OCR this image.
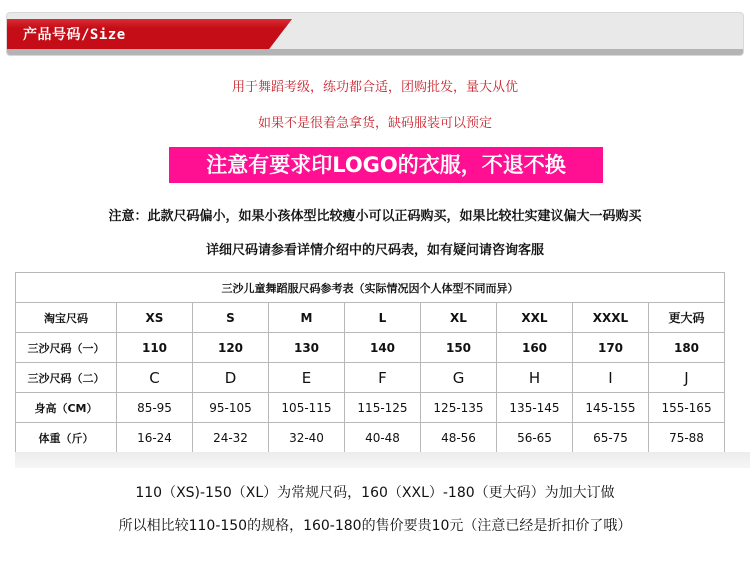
产品号码/Size
用于舞蹈考级，练功都合适，团购批发，量大从优
如果不是很着急拿货，缺码服装可以预定
注意有要求印LOGO的衣服，不退不换
注意：此款尺码偏小，如果小孩体型比较瘦小可以正码购买，如果比较壮实建议偏大一码购买
详细尺码请参看详情介绍中的尺码表，如有疑问请咨询客服
三沙儿童舞蹈服尺码参考表（实际情况因个人体型不同而异）								
淘宝尺码	XS	S	M	L	XL	XXL	XXXL	更大码
三沙尺码（一）	110	120	130	140	150	160	170	180
三沙尺码（二）	C	D	E	F	G	H	I	J
身高（CM）	85-95	95-105	105-115	115-125	125-135	135-145	145-155	155-165
体重（斤）	16-24	24-32	32-40	40-48	48-56	56-65	65-75	75-88
110（XS)-150（XL）为常规尺码，160（XXL）-180（更大码）为加大订做
所以相比较110-150的规格，160-180的售价要贵10元（注意已经是折扣价了哦）
